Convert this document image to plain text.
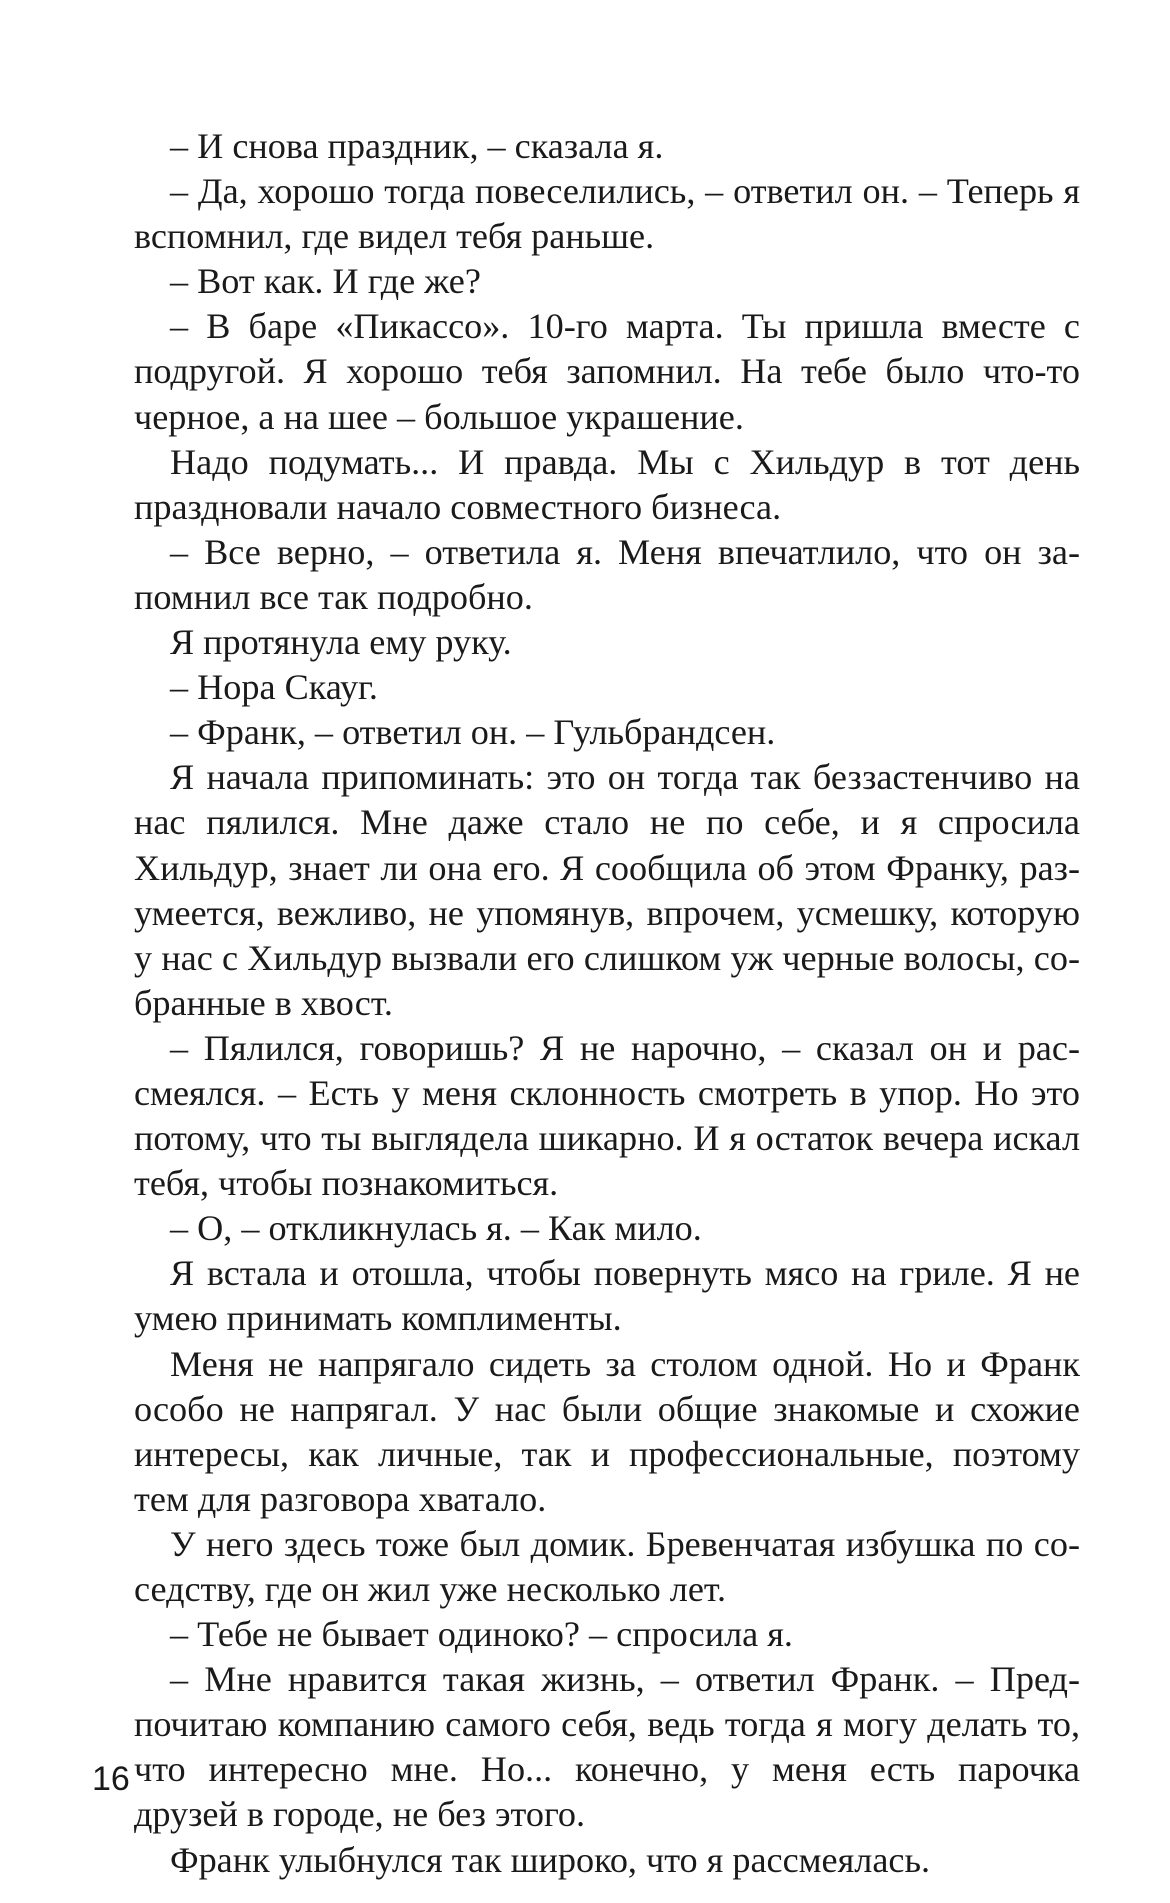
– И снова праздник, – сказала я.

– Да, хорошо тогда повеселились, – ответил он. – Теперь я вспомнил, где видел тебя раньше.

– Вот как. И где же?

– В баре «Пикассо». 10-го марта. Ты пришла вместе с подругой. Я хорошо тебя запомнил. На тебе было что-то черное, а на шее – большое украшение.

Надо подумать... И правда. Мы с Хильдур в тот день праздновали начало совместного бизнеса.

– Все верно, – ответила я. Меня впечатлило, что он запомнил все так подробно.

Я протянула ему руку.

– Нора Скауг.

– Франк, – ответил он. – Гульбрандсен.

Я начала припоминать: это он тогда так беззастенчиво на нас пялился. Мне даже стало не по себе, и я спросила Хильдур, знает ли она его. Я сообщила об этом Франку, разумеется, вежливо, не упомянув, впрочем, усмешку, которую у нас с Хильдур вызвали его слишком уж черные волосы, собранные в хвост.

– Пялился, говоришь? Я не нарочно, – сказал он и рассмеялся. – Есть у меня склонность смотреть в упор. Но это потому, что ты выглядела шикарно. И я остаток вечера искал тебя, чтобы познакомиться.

– О, – откликнулась я. – Как мило.

Я встала и отошла, чтобы повернуть мясо на гриле. Я не умею принимать комплименты.

Меня не напрягало сидеть за столом одной. Но и Франк особо не напрягал. У нас были общие знакомые и схожие интересы, как личные, так и профессиональные, поэтому тем для разговора хватало.

У него здесь тоже был домик. Бревенчатая избушка по соседству, где он жил уже несколько лет.

– Тебе не бывает одиноко? – спросила я.

– Мне нравится такая жизнь, – ответил Франк. – Предпочитаю компанию самого себя, ведь тогда я могу делать то, что интересно мне. Но... конечно, у меня есть парочка друзей в городе, не без этого.

Франк улыбнулся так широко, что я рассмеялась.

16
